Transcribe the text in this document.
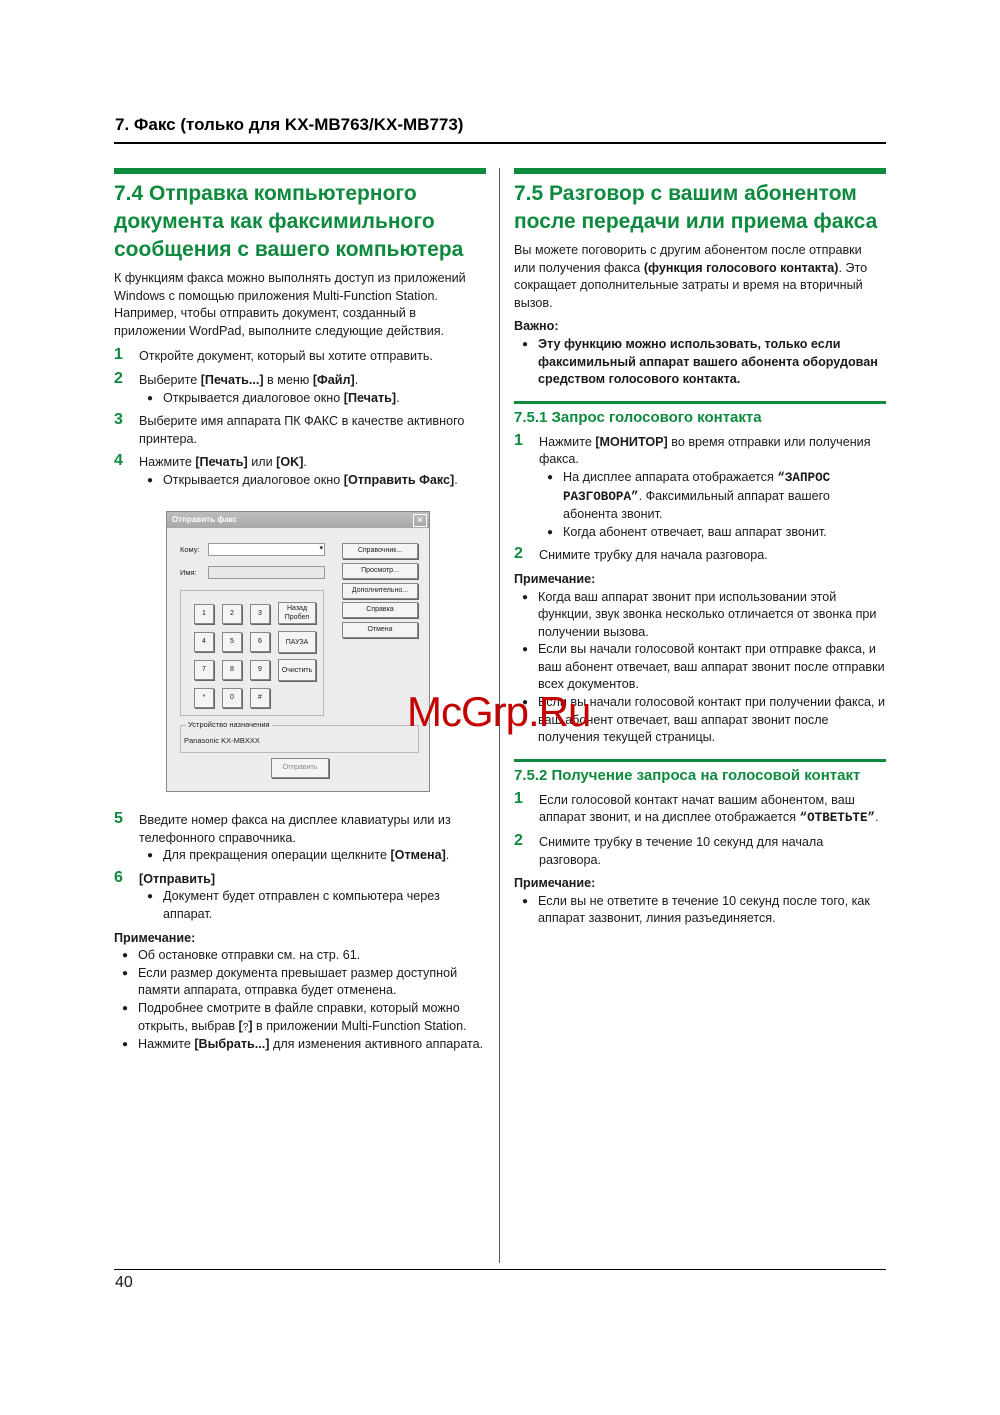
7. Факс (только для KX-MB763/KX-MB773)
7.4 Отправка компьютерного документа как факсимильного сообщения с вашего компьютера

К функциям факса можно выполнять доступ из приложений Windows с помощью приложения Multi-Function Station. Например, чтобы отправить документ, созданный в приложении WordPad, выполните следующие действия.

1 Откройте документ, который вы хотите отправить.
2 Выберите [Печать...] в меню [Файл].
● Открывается диалоговое окно [Печать].
3 Выберите имя аппарата ПК ФАКС в качестве активного принтера.
4 Нажмите [Печать] или [OK].
● Открывается диалоговое окно [Отправить Факс].
Отправить факс	✕
Кому:	▾
Имя:
Справочник...
Просмотр...
Дополнительно...
Справка
Отмена
1	2	3
Назад
Пробел
4	5	6	ПАУЗА
7	8	9	Очистить
*	0	#
Устройство назначения
Panasonic KX-MBXXX
Отправить
5 Введите номер факса на дисплее клавиатуры или из телефонного справочника.
● Для прекращения операции щелкните [Отмена].
6 [Отправить]
● Документ будет отправлен с компьютера через аппарат.
Примечание:
● Об остановке отправки см. на стр. 61.
● Если размер документа превышает размер доступной памяти аппарата, отправка будет отменена.
● Подробнее смотрите в файле справки, который можно открыть, выбрав [?] в приложении Multi-Function Station.
● Нажмите [Выбрать...] для изменения активного аппарата.
7.5 Разговор с вашим абонентом после передачи или приема факса

Вы можете поговорить с другим абонентом после отправки или получения факса (функция голосового контакта). Это сокращает дополнительные затраты и время на вторичный вызов.

Важно:
● Эту функцию можно использовать, только если факсимильный аппарат вашего абонента оборудован средством голосового контакта.
7.5.1 Запрос голосового контакта
1 Нажмите [МОНИТОР] во время отправки или получения факса.
● На дисплее аппарата отображается “ЗАПРОС РАЗГОВОРА”. Факсимильный аппарат вашего абонента звонит.
● Когда абонент отвечает, ваш аппарат звонит.
2 Снимите трубку для начала разговора.
Примечание:
● Когда ваш аппарат звонит при использовании этой функции, звук звонка несколько отличается от звонка при получении вызова.
● Если вы начали голосовой контакт при отправке факса, и ваш абонент отвечает, ваш аппарат звонит после отправки всех документов.
● Если вы начали голосовой контакт при получении факса, и ваш абонент отвечает, ваш аппарат звонит после получения текущей страницы.
7.5.2 Получение запроса на голосовой контакт
1 Если голосовой контакт начат вашим абонентом, ваш аппарат звонит, и на дисплее отображается “ОТВЕТЬТЕ”.
2 Снимите трубку в течение 10 секунд для начала разговора.
Примечание:
● Если вы не ответите в течение 10 секунд после того, как аппарат зазвонит, линия разъединяется.
McGrp.Ru
40
